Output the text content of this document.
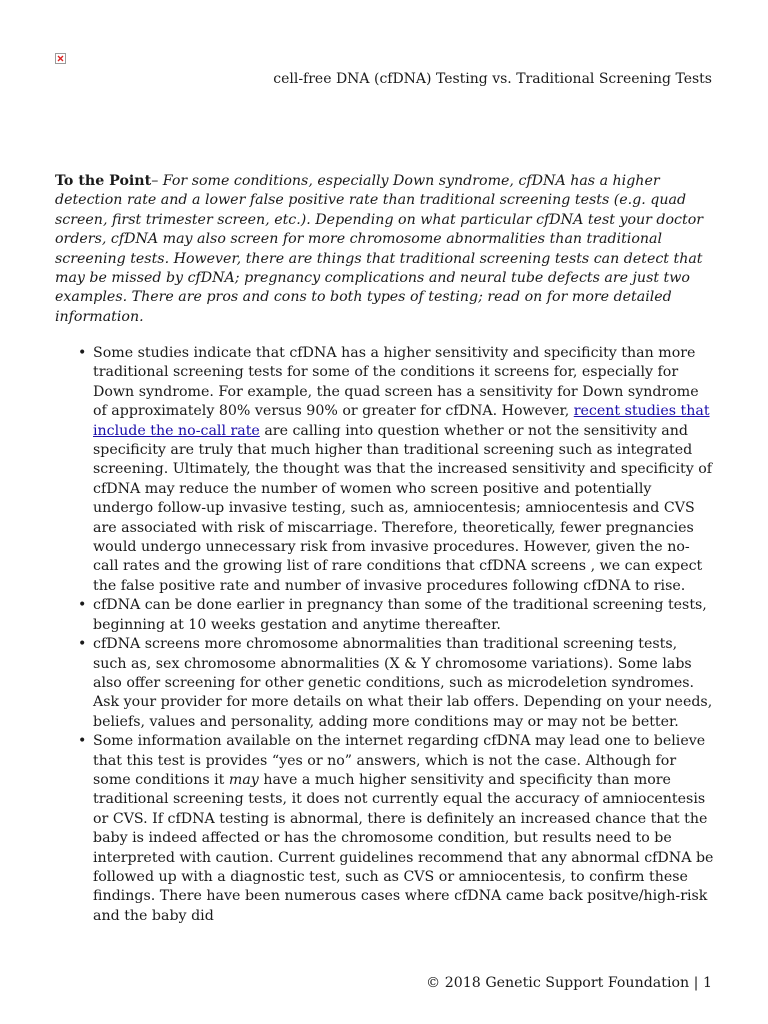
cell-free DNA (cfDNA) Testing vs. Traditional Screening Tests

To the Point– For some conditions, especially Down syndrome, cfDNA has a higher detection rate and a lower false positive rate than traditional screening tests (e.g. quad screen, first trimester screen, etc.). Depending on what particular cfDNA test your doctor orders, cfDNA may also screen for more chromosome abnormalities than traditional screening tests. However, there are things that traditional screening tests can detect that may be missed by cfDNA; pregnancy complications and neural tube defects are just two examples. There are pros and cons to both types of testing; read on for more detailed information.

• Some studies indicate that cfDNA has a higher sensitivity and specificity than more traditional screening tests for some of the conditions it screens for, especially for Down syndrome. For example, the quad screen has a sensitivity for Down syndrome of approximately 80% versus 90% or greater for cfDNA. However, recent studies that include the no-call rate are calling into question whether or not the sensitivity and specificity are truly that much higher than traditional screening such as integrated screening. Ultimately, the thought was that the increased sensitivity and specificity of cfDNA may reduce the number of women who screen positive and potentially undergo follow-up invasive testing, such as, amniocentesis; amniocentesis and CVS are associated with risk of miscarriage. Therefore, theoretically, fewer pregnancies would undergo unnecessary risk from invasive procedures. However, given the no-call rates and the growing list of rare conditions that cfDNA screens , we can expect the false positive rate and number of invasive procedures following cfDNA to rise.
• cfDNA can be done earlier in pregnancy than some of the traditional screening tests, beginning at 10 weeks gestation and anytime thereafter.
• cfDNA screens more chromosome abnormalities than traditional screening tests, such as, sex chromosome abnormalities (X & Y chromosome variations). Some labs also offer screening for other genetic conditions, such as microdeletion syndromes. Ask your provider for more details on what their lab offers. Depending on your needs, beliefs, values and personality, adding more conditions may or may not be better.
• Some information available on the internet regarding cfDNA may lead one to believe that this test is provides “yes or no” answers, which is not the case. Although for some conditions it may have a much higher sensitivity and specificity than more traditional screening tests, it does not currently equal the accuracy of amniocentesis or CVS. If cfDNA testing is abnormal, there is definitely an increased chance that the baby is indeed affected or has the chromosome condition, but results need to be interpreted with caution. Current guidelines recommend that any abnormal cfDNA be followed up with a diagnostic test, such as CVS or amniocentesis, to confirm these findings. There have been numerous cases where cfDNA came back positve/high-risk and the baby did
© 2018 Genetic Support Foundation | 1
